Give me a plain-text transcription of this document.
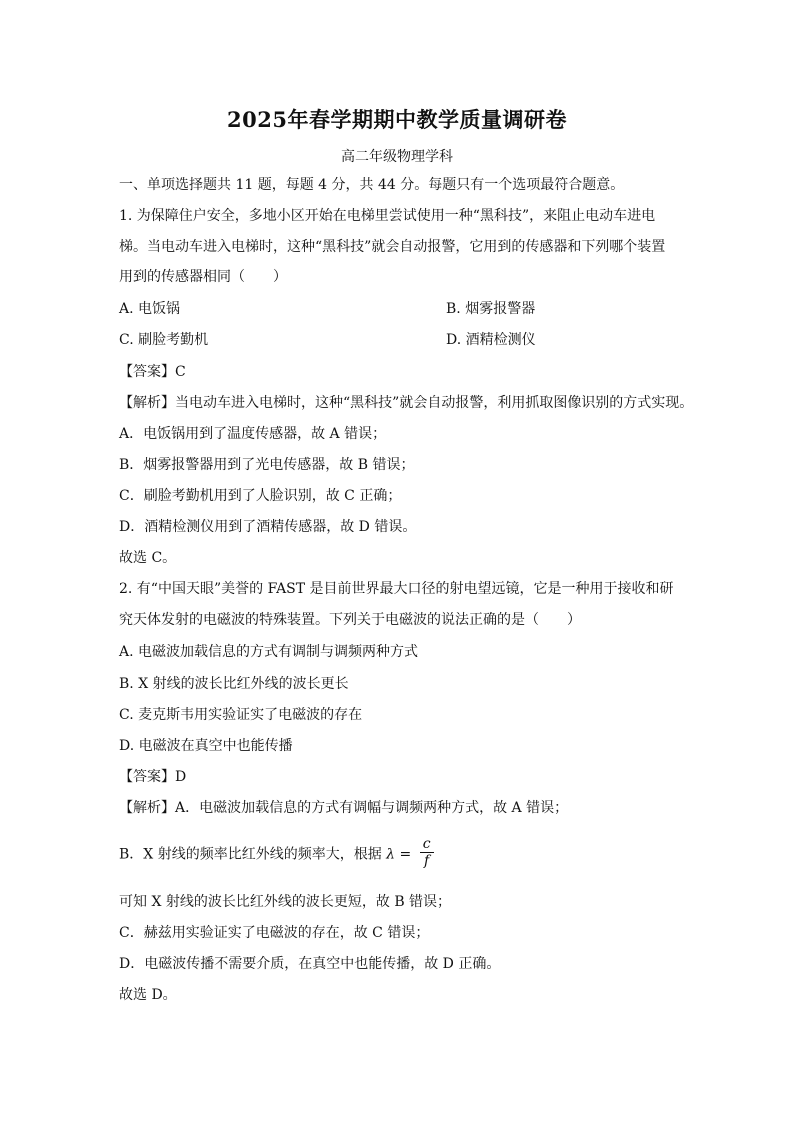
2025年春学期期中教学质量调研卷
高二年级物理学科
一、单项选择题共 11 题，每题 4 分，共 44 分。每题只有一个选项最符合题意。
1. 为保障住户安全，多地小区开始在电梯里尝试使用一种“黑科技”，来阻止电动车进电
梯。当电动车进入电梯时，这种“黑科技”就会自动报警，它用到的传感器和下列哪个装置
用到的传感器相同（　　）
A. 电饭锅	B. 烟雾报警器
C. 刷脸考勤机	D. 酒精检测仪
【答案】C
【解析】当电动车进入电梯时，这种“黑科技”就会自动报警，利用抓取图像识别的方式实现。
A．电饭锅用到了温度传感器，故 A 错误；
B．烟雾报警器用到了光电传感器，故 B 错误；
C．刷脸考勤机用到了人脸识别，故 C 正确；
D．酒精检测仪用到了酒精传感器，故 D 错误。
故选 C。
2. 有“中国天眼”美誉的 FAST 是目前世界最大口径的射电望远镜，它是一种用于接收和研
究天体发射的电磁波的特殊装置。下列关于电磁波的说法正确的是（　　）
A. 电磁波加载信息的方式有调制与调频两种方式
B. X 射线的波长比红外线的波长更长
C. 麦克斯韦用实验证实了电磁波的存在
D. 电磁波在真空中也能传播
【答案】D
【解析】A．电磁波加载信息的方式有调幅与调频两种方式，故 A 错误；
B．X 射线的频率比红外线的频率大，根据 $\lambda = \frac{c}{f}$
可知 X 射线的波长比红外线的波长更短，故 B 错误；
C．赫兹用实验证实了电磁波的存在，故 C 错误；
D．电磁波传播不需要介质，在真空中也能传播，故 D 正确。
故选 D。
